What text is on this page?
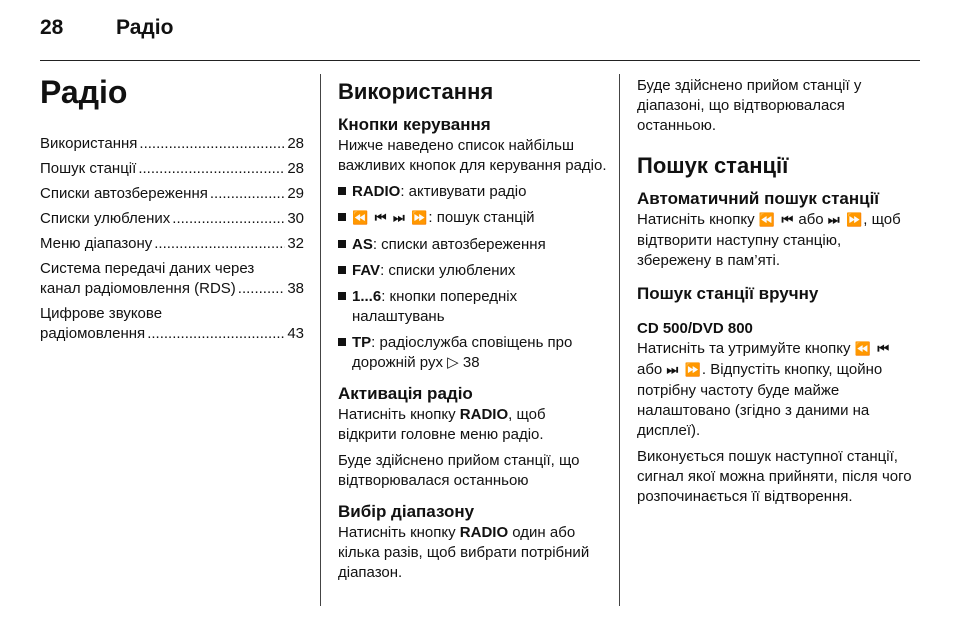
28	Радіо
Радіо
Використання .....	28
Пошук станції .....	28
Списки автозбереження .....	29
Списки улюблених .....	30
Меню діапазону .....	32
Система передачі даних через
канал радіомовлення (RDS) .....	38
Цифрове звукове
радіомовлення .....	43
Використання
Кнопки керування
Нижче наведено список найбільш важливих кнопок для керування радіо.
RADIO: активувати радіо
⏪ ⏮ ⏭ ⏩: пошук станцій
AS: списки автозбереження
FAV: списки улюблених
1...6: кнопки попередніх налаштувань
TP: радіослужба сповіщень про дорожній рух ▷ 38
Активація радіо
Натисніть кнопку RADIO, щоб відкрити головне меню радіо.
Буде здійснено прийом станції, що відтворювалася останньою
Вибір діапазону
Натисніть кнопку RADIO один або кілька разів, щоб вибрати потрібний діапазон.
Буде здійснено прийом станції у діапазоні, що відтворювалася останньою.
Пошук станції
Автоматичний пошук станції
Натисніть кнопку ⏪ ⏮ або ⏭ ⏩, щоб відтворити наступну станцію, збережену в пам’яті.
Пошук станції вручну
CD 500/DVD 800
Натисніть та утримуйте кнопку ⏪ ⏮ або ⏭ ⏩. Відпустіть кнопку, щойно потрібну частоту буде майже налаштовано (згідно з даними на дисплеї).
Виконується пошук наступної станції, сигнал якої можна прийняти, після чого розпочинається її відтворення.
